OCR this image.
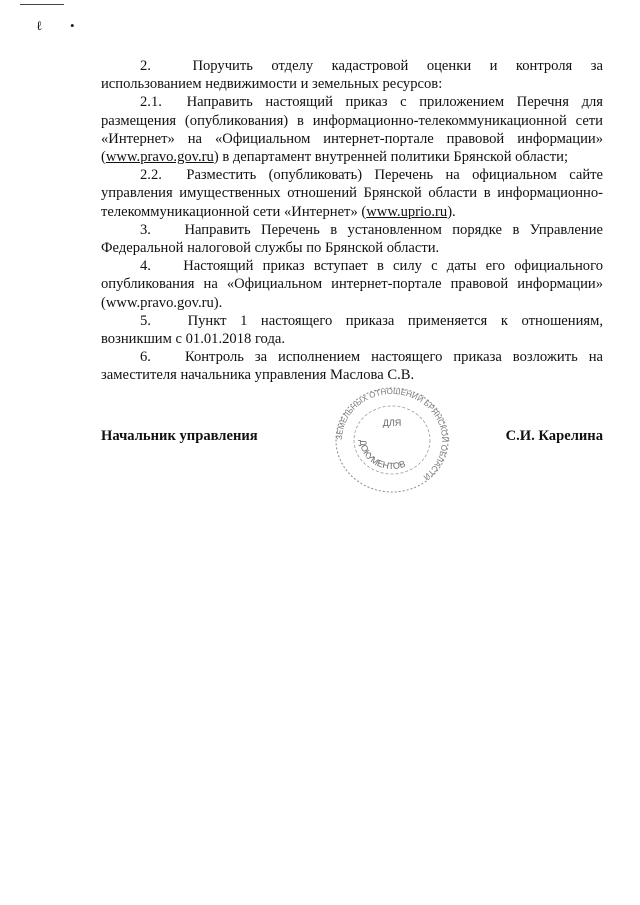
ℓ •

2.	Поручить отделу кадастровой оценки и контроля за использованием недвижимости и земельных ресурсов:

2.1. Направить настоящий приказ с приложением Перечня для размещения (опубликования) в информационно-телекоммуникационной сети «Интернет» на «Официальном интернет-портале правовой информации» (www.pravo.gov.ru) в департамент внутренней политики Брянской области;

2.2. Разместить (опубликовать) Перечень на официальном сайте управления имущественных отношений Брянской области в информационно-телекоммуникационной сети «Интернет» (www.uprio.ru).

3. Направить Перечень в установленном порядке в Управление Федеральной налоговой службы по Брянской области.

4. Настоящий приказ вступает в силу с даты его официального опубликования на «Официальном интернет-портале правовой информации» (www.pravo.gov.ru).

5.	Пункт 1 настоящего приказа применяется к отношениям, возникшим с 01.01.2018 года.

6. Контроль за исполнением настоящего приказа возложить на заместителя начальника управления Маслова С.В.

Начальник управления	С.И. Карелина
ЗЕМЕЛЬНЫХ ОТНОШЕНИЙ БРЯНСКОЙ ОБЛАСТИ
ДОКУМЕНТОВ
ДЛЯ
